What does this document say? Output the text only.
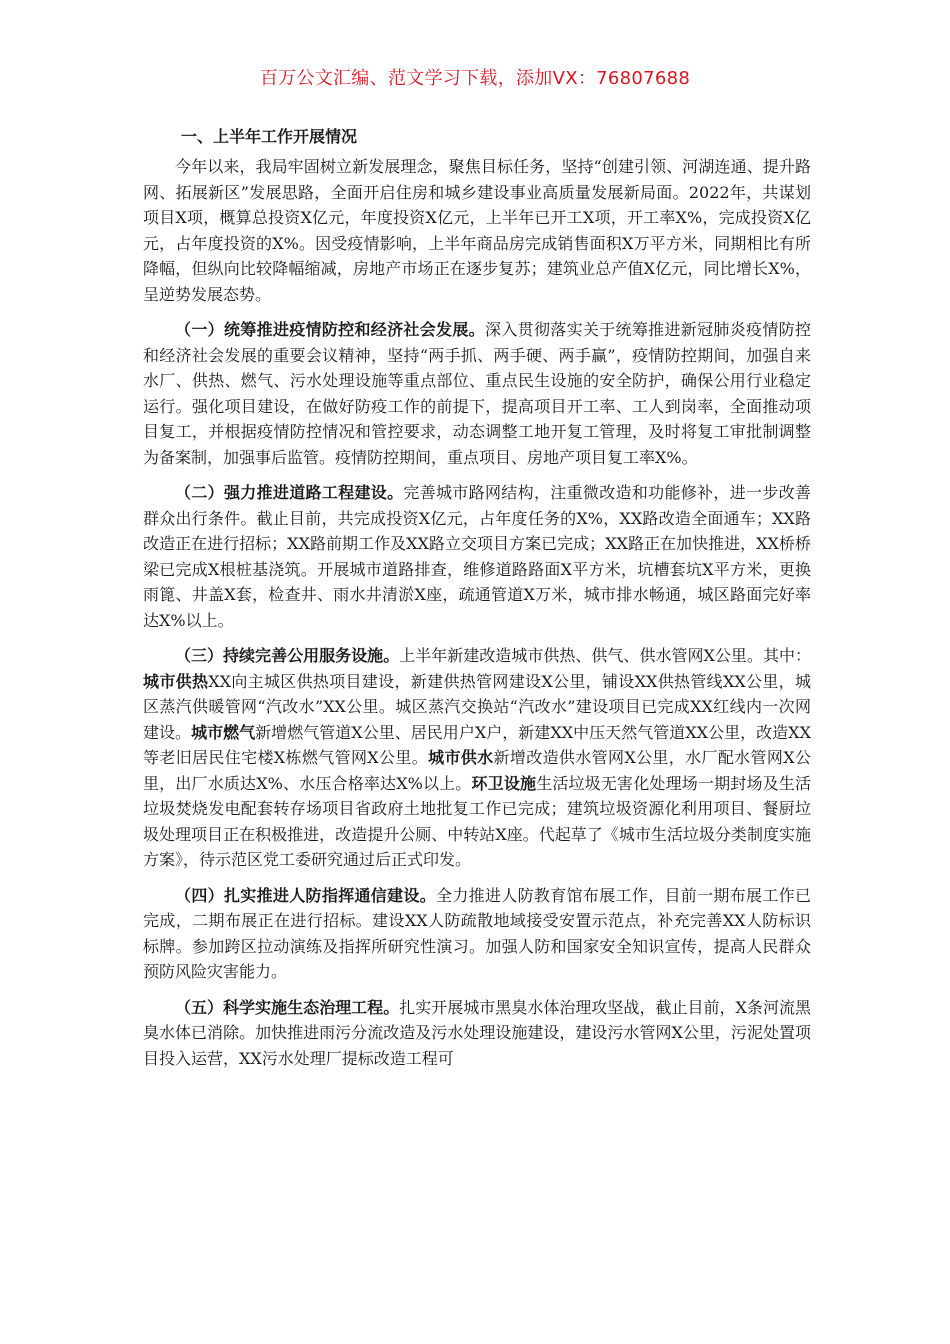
百万公文汇编、范文学习下载，添加VX：76807688
一、上半年工作开展情况

今年以来，我局牢固树立新发展理念，聚焦目标任务，坚持“创建引领、河湖连通、提升路网、拓展新区”发展思路，全面开启住房和城乡建设事业高质量发展新局面。2022年，共谋划项目X项，概算总投资X亿元，年度投资X亿元，上半年已开工X项，开工率X%，完成投资X亿元，占年度投资的X%。因受疫情影响，上半年商品房完成销售面积X万平方米，同期相比有所降幅，但纵向比较降幅缩减，房地产市场正在逐步复苏；建筑业总产值X亿元，同比增长X%，呈逆势发展态势。

（一）统筹推进疫情防控和经济社会发展。深入贯彻落实关于统筹推进新冠肺炎疫情防控和经济社会发展的重要会议精神，坚持“两手抓、两手硬、两手赢”，疫情防控期间，加强自来水厂、供热、燃气、污水处理设施等重点部位、重点民生设施的安全防护，确保公用行业稳定运行。强化项目建设，在做好防疫工作的前提下，提高项目开工率、工人到岗率，全面推动项目复工，并根据疫情防控情况和管控要求，动态调整工地开复工管理，及时将复工审批制调整为备案制，加强事后监管。疫情防控期间，重点项目、房地产项目复工率X%。

（二）强力推进道路工程建设。完善城市路网结构，注重微改造和功能修补，进一步改善群众出行条件。截止目前，共完成投资X亿元，占年度任务的X%，XX路改造全面通车；XX路改造正在进行招标；XX路前期工作及XX路立交项目方案已完成；XX路正在加快推进，XX桥桥梁已完成X根桩基浇筑。开展城市道路排查，维修道路路面X平方米，坑槽套坑X平方米，更换雨篦、井盖X套，检查井、雨水井清淤X座，疏通管道X万米，城市排水畅通，城区路面完好率达X%以上。

（三）持续完善公用服务设施。上半年新建改造城市供热、供气、供水管网X公里。其中：城市供热XX向主城区供热项目建设，新建供热管网建设X公里，铺设XX供热管线XX公里，城区蒸汽供暖管网“汽改水”XX公里。城区蒸汽交换站“汽改水”建设项目已完成XX红线内一次网建设。城市燃气新增燃气管道X公里、居民用户X户，新建XX中压天然气管道XX公里，改造XX等老旧居民住宅楼X栋燃气管网X公里。城市供水新增改造供水管网X公里，水厂配水管网X公里，出厂水质达X%、水压合格率达X%以上。环卫设施生活垃圾无害化处理场一期封场及生活垃圾焚烧发电配套转存场项目省政府土地批复工作已完成；建筑垃圾资源化利用项目、餐厨垃圾处理项目正在积极推进，改造提升公厕、中转站X座。代起草了《城市生活垃圾分类制度实施方案》，待示范区党工委研究通过后正式印发。

（四）扎实推进人防指挥通信建设。全力推进人防教育馆布展工作，目前一期布展工作已完成，二期布展正在进行招标。建设XX人防疏散地域接受安置示范点，补充完善XX人防标识标牌。参加跨区拉动演练及指挥所研究性演习。加强人防和国家安全知识宣传，提高人民群众预防风险灾害能力。

（五）科学实施生态治理工程。扎实开展城市黑臭水体治理攻坚战，截止目前，X条河流黑臭水体已消除。加快推进雨污分流改造及污水处理设施建设，建设污水管网X公里，污泥处置项目投入运营，XX污水处理厂提标改造工程可
